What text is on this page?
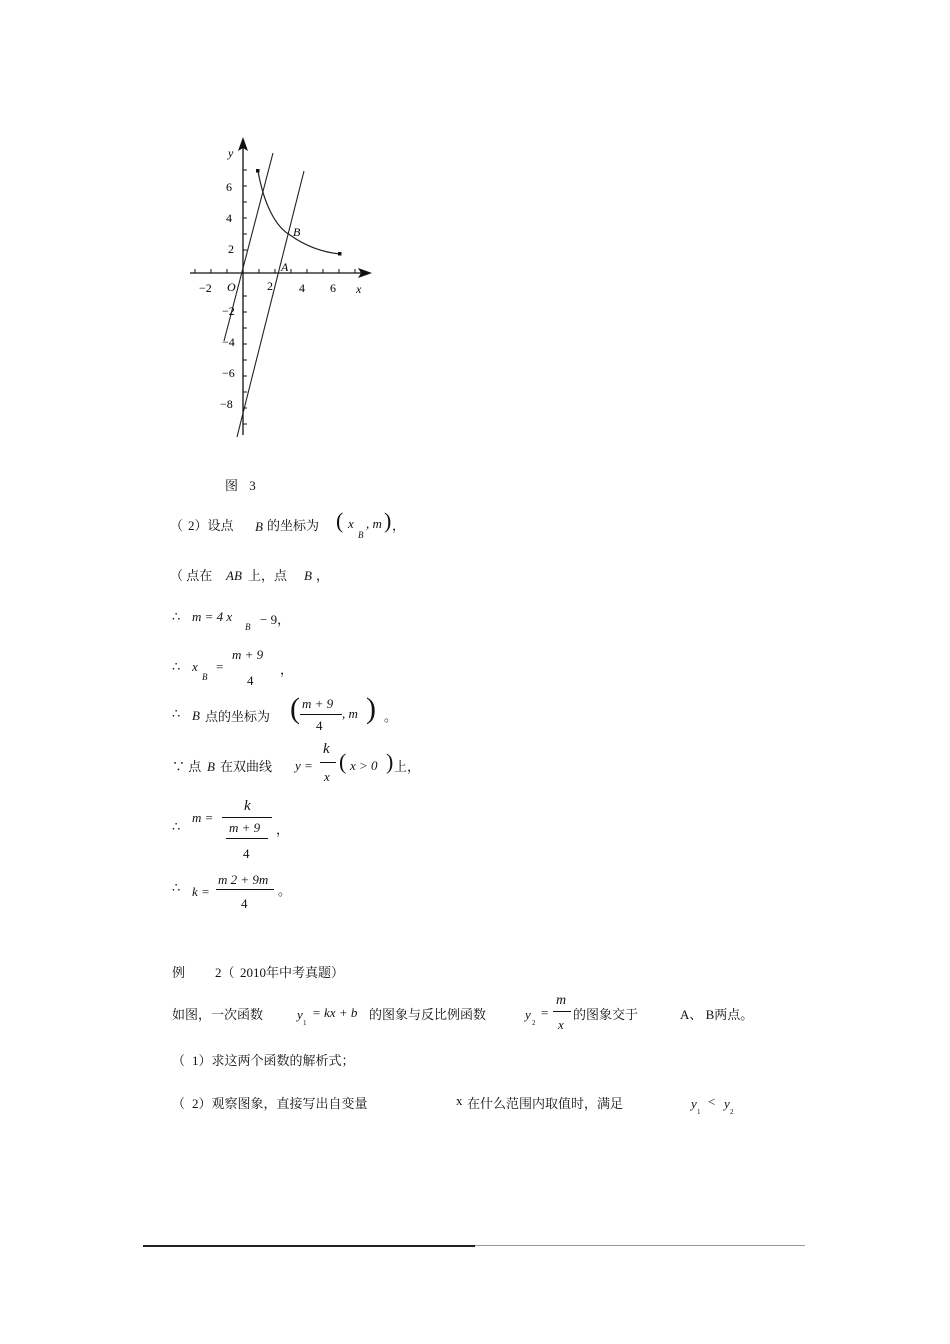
y
x
O
A
B
−2	2 4 6
6
4
2
−2
−4
−6
−8
图 3
（ 2）设点 B 的坐标为 ( x
B
, m ) ，
（ 点在 AB 上，点 B ，
∴ m = 4 x
B − 9，
∴ x
B
=
m + 9
4
，
∴ B 点的坐标为 ( m + 9
4
, m ) 。
∵ 点 B 在双曲线 y =
k
x
( x > 0 ) 上，
∴
m =
k
m + 9
4
，
∴ k =
m 2 + 9m
4
。
例 2（ 2010年中考真题）
如图，一次函数	y
1
= kx + b 的图象与反比例函数	y
2
=
m
x
的图象交于	A、 B两点。
（ 1）求这两个函数的解析式；
（ 2）观察图象，直接写出自变量	x 在什么范围内取值时，满足	y
1
< y
2
